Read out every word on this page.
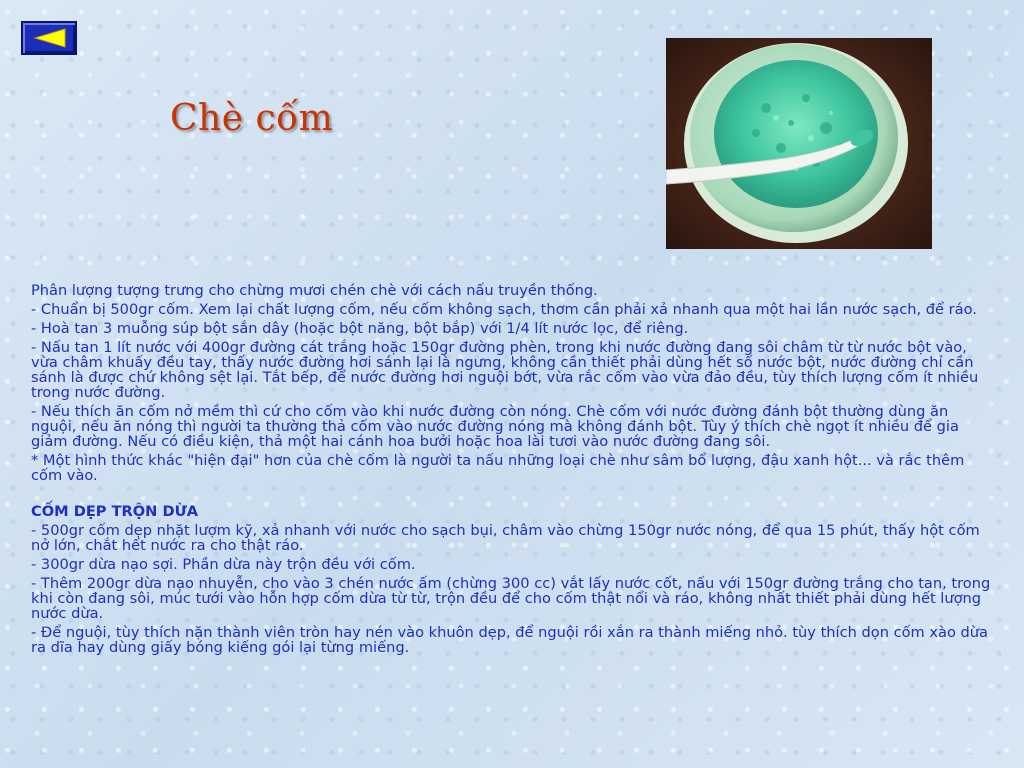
Chè cốm

Phân lượng tượng trưng cho chừng mươi chén chè với cách nấu truyền thống.

- Chuẩn bị 500gr cốm. Xem lại chất lượng cốm, nếu cốm không sạch, thơm cần phải xả nhanh qua một hai lần nước sạch, để ráo.

- Hoà tan 3 muỗng súp bột sắn dây (hoặc bột năng, bột bắp) với 1/4 lít nước lọc, để riêng.

- Nấu tan 1 lít nước với 400gr đường cát trắng hoặc 150gr đường phèn, trong khi nước đường đang sôi châm từ từ nước bột vào, vừa châm khuấy đều tay, thấy nước đường hơi sánh lại là ngưng, không cần thiết phải dùng hết số nước bột, nước đường chỉ cần sánh là được chứ không sệt lại. Tắt bếp, để nước đường hơi nguội bớt, vừa rắc cốm vào vừa đảo đều, tùy thích lượng cốm ít nhiều trong nước đường.

- Nếu thích ăn cốm nở mềm thì cứ cho cốm vào khi nước đường còn nóng. Chè cốm với nước đường đánh bột thường dùng ăn nguội, nếu ăn nóng thì người ta thường thả cốm vào nước đường nóng mà không đánh bột. Tùy ý thích chè ngọt ít nhiều để gia giảm đường. Nếu có điều kiện, thả một hai cánh hoa bưởi hoặc hoa lài tươi vào nước đường đang sôi.

* Một hình thức khác "hiện đại" hơn của chè cốm là người ta nấu những loại chè như sâm bổ lượng, đậu xanh hột... và rắc thêm cốm vào.

CỐM DẸP TRỘN DỪA

- 500gr cốm dẹp nhặt lượm kỹ, xả nhanh với nước cho sạch bụi, châm vào chừng 150gr nước nóng, để qua 15 phút, thấy hột cốm nở lớn, chắt hết nước ra cho thật ráo.

- 300gr dừa nạo sợi. Phần dừa này trộn đều với cốm.

- Thêm 200gr dừa nạo nhuyễn, cho vào 3 chén nước ấm (chừng 300 cc) vắt lấy nước cốt, nấu với 150gr đường trắng cho tan, trong khi còn đang sôi, múc tưới vào hỗn hợp cốm dừa từ từ, trộn đều để cho cốm thật nổi và ráo, không nhất thiết phải dùng hết lượng nước dừa.

- Để nguội, tùy thích nặn thành viên tròn hay nén vào khuôn dẹp, để nguội rồi xắn ra thành miếng nhỏ. tùy thích dọn cốm xào dừa ra dĩa hay dùng giấy bóng kiếng gói lại từng miếng.
